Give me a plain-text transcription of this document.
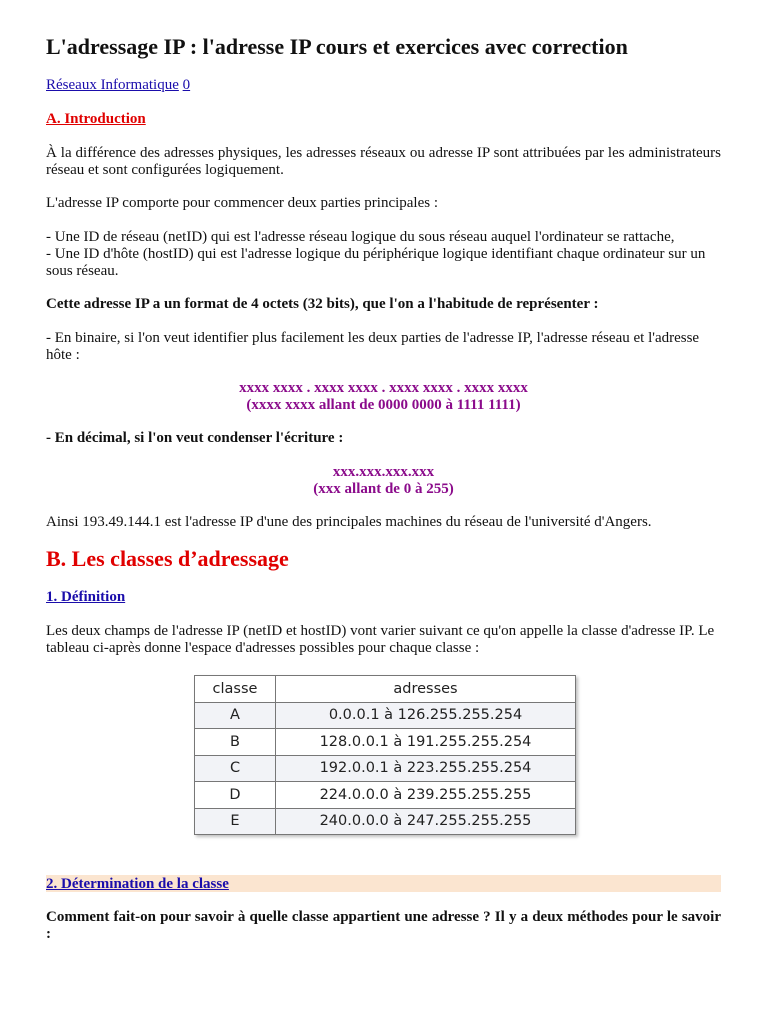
L'adressage IP : l'adresse IP cours et exercices avec correction

Réseaux Informatique 0

A. Introduction

À la différence des adresses physiques, les adresses réseaux ou adresse IP sont attribuées par les administrateurs réseau et sont configurées logiquement.

L'adresse IP comporte pour commencer deux parties principales :

- Une ID de réseau (netID) qui est l'adresse réseau logique du sous réseau auquel l'ordinateur se rattache,

- Une ID d'hôte (hostID) qui est l'adresse logique du périphérique logique identifiant chaque ordinateur sur un sous réseau.

Cette adresse IP a un format de 4 octets (32 bits), que l'on a l'habitude de représenter :

- En binaire, si l'on veut identifier plus facilement les deux parties de l'adresse IP, l'adresse réseau et l'adresse hôte :

xxxx xxxx . xxxx xxxx . xxxx xxxx . xxxx xxxx

(xxxx xxxx allant de 0000 0000 à 1111 1111)

- En décimal, si l'on veut condenser l'écriture :

xxx.xxx.xxx.xxx

(xxx allant de 0 à 255)

Ainsi 193.49.144.1 est l'adresse IP d'une des principales machines du réseau de l'université d'Angers.

B. Les classes d’adressage

1. Définition

Les deux champs de l'adresse IP (netID et hostID) vont varier suivant ce qu'on appelle la classe d'adresse IP. Le tableau ci-après donne l'espace d'adresses possibles pour chaque classe :

classe	adresses
A	0.0.0.1 à 126.255.255.254
B	128.0.0.1 à 191.255.255.254
C	192.0.0.1 à 223.255.255.254
D	224.0.0.0 à 239.255.255.255
E	240.0.0.0 à 247.255.255.255
2. Détermination de la classe

Comment fait-on pour savoir à quelle classe appartient une adresse ? Il y a deux méthodes pour le savoir :
